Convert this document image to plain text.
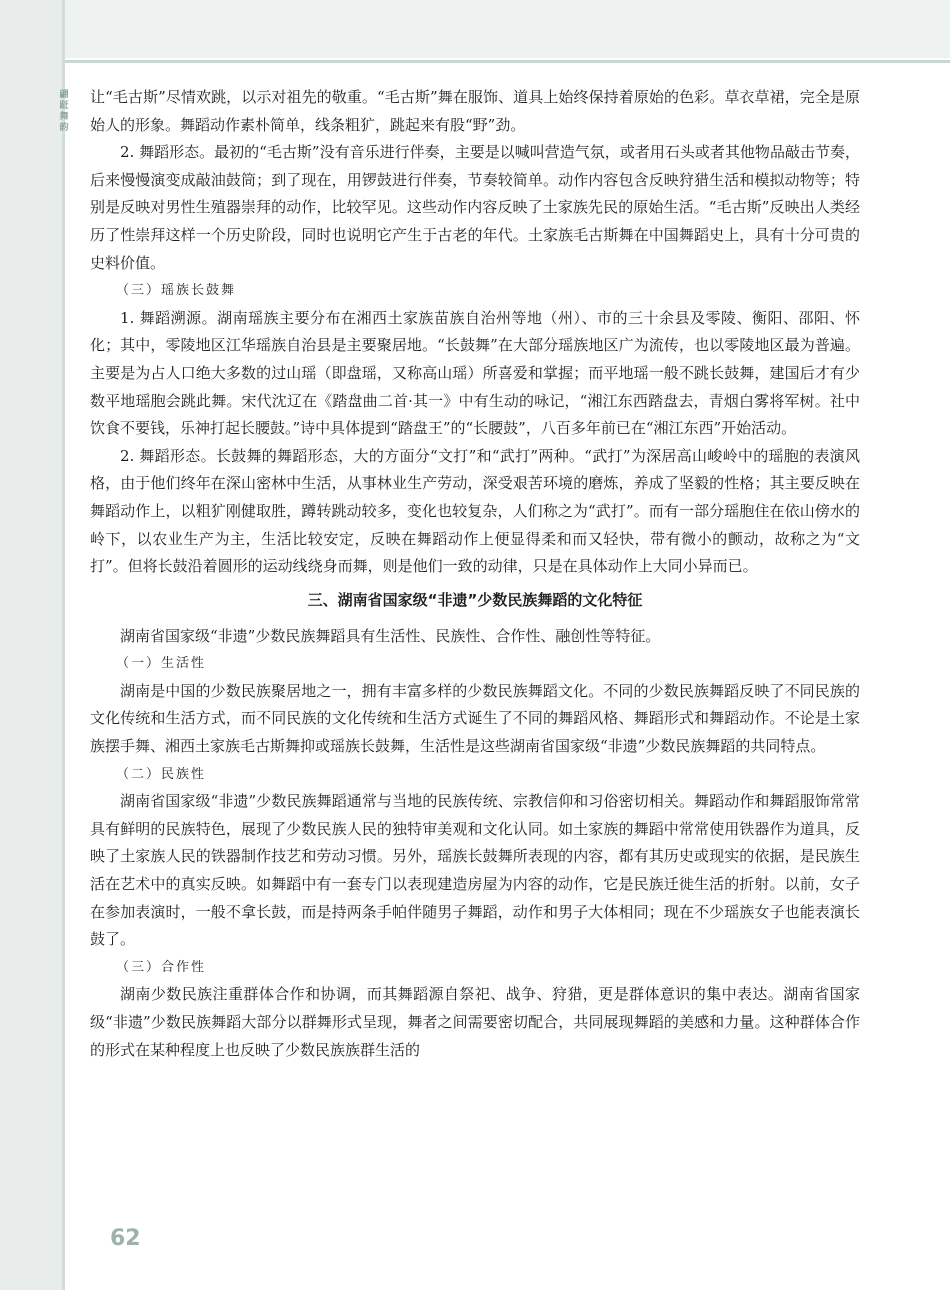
翩跹舞韵

让“毛古斯”尽情欢跳，以示对祖先的敬重。“毛古斯”舞在服饰、道具上始终保持着原始的色彩。草衣草裙，完全是原始人的形象。舞蹈动作素朴简单，线条粗犷，跳起来有股“野”劲。

2. 舞蹈形态。最初的“毛古斯”没有音乐进行伴奏，主要是以喊叫营造气氛，或者用石头或者其他物品敲击节奏，后来慢慢演变成敲油鼓筒；到了现在，用锣鼓进行伴奏，节奏较简单。动作内容包含反映狩猎生活和模拟动物等；特别是反映对男性生殖器崇拜的动作，比较罕见。这些动作内容反映了土家族先民的原始生活。“毛古斯”反映出人类经历了性崇拜这样一个历史阶段，同时也说明它产生于古老的年代。土家族毛古斯舞在中国舞蹈史上，具有十分可贵的史料价值。

（三）瑶族长鼓舞

1. 舞蹈溯源。湖南瑶族主要分布在湘西土家族苗族自治州等地（州）、市的三十余县及零陵、衡阳、邵阳、怀化；其中，零陵地区江华瑶族自治县是主要聚居地。“长鼓舞”在大部分瑶族地区广为流传，也以零陵地区最为普遍。主要是为占人口绝大多数的过山瑶（即盘瑶，又称高山瑶）所喜爱和掌握；而平地瑶一般不跳长鼓舞，建国后才有少数平地瑶胞会跳此舞。宋代沈辽在《踏盘曲二首·其一》中有生动的咏记，“湘江东西踏盘去，青烟白雾将军树。社中饮食不要钱，乐神打起长腰鼓。”诗中具体提到“踏盘王”的“长腰鼓”，八百多年前已在“湘江东西”开始活动。

2. 舞蹈形态。长鼓舞的舞蹈形态，大的方面分“文打”和“武打”两种。“武打”为深居高山峻岭中的瑶胞的表演风格，由于他们终年在深山密林中生活，从事林业生产劳动，深受艰苦环境的磨炼，养成了坚毅的性格；其主要反映在舞蹈动作上，以粗犷刚健取胜，蹲转跳动较多，变化也较复杂，人们称之为“武打”。而有一部分瑶胞住在依山傍水的岭下，以农业生产为主，生活比较安定，反映在舞蹈动作上便显得柔和而又轻快，带有微小的颤动，故称之为“文打”。但将长鼓沿着圆形的运动线绕身而舞，则是他们一致的动律，只是在具体动作上大同小异而已。

三、湖南省国家级“非遗”少数民族舞蹈的文化特征

湖南省国家级“非遗”少数民族舞蹈具有生活性、民族性、合作性、融创性等特征。

（一）生活性

湖南是中国的少数民族聚居地之一，拥有丰富多样的少数民族舞蹈文化。不同的少数民族舞蹈反映了不同民族的文化传统和生活方式，而不同民族的文化传统和生活方式诞生了不同的舞蹈风格、舞蹈形式和舞蹈动作。不论是土家族摆手舞、湘西土家族毛古斯舞抑或瑶族长鼓舞，生活性是这些湖南省国家级“非遗”少数民族舞蹈的共同特点。

（二）民族性

湖南省国家级“非遗”少数民族舞蹈通常与当地的民族传统、宗教信仰和习俗密切相关。舞蹈动作和舞蹈服饰常常具有鲜明的民族特色，展现了少数民族人民的独特审美观和文化认同。如土家族的舞蹈中常常使用铁器作为道具，反映了土家族人民的铁器制作技艺和劳动习惯。另外，瑶族长鼓舞所表现的内容，都有其历史或现实的依据，是民族生活在艺术中的真实反映。如舞蹈中有一套专门以表现建造房屋为内容的动作，它是民族迁徙生活的折射。以前，女子在参加表演时，一般不拿长鼓，而是持两条手帕伴随男子舞蹈，动作和男子大体相同；现在不少瑶族女子也能表演长鼓了。

（三）合作性

湖南少数民族注重群体合作和协调，而其舞蹈源自祭祀、战争、狩猎，更是群体意识的集中表达。湖南省国家级“非遗”少数民族舞蹈大部分以群舞形式呈现，舞者之间需要密切配合，共同展现舞蹈的美感和力量。这种群体合作的形式在某种程度上也反映了少数民族族群生活的

62
